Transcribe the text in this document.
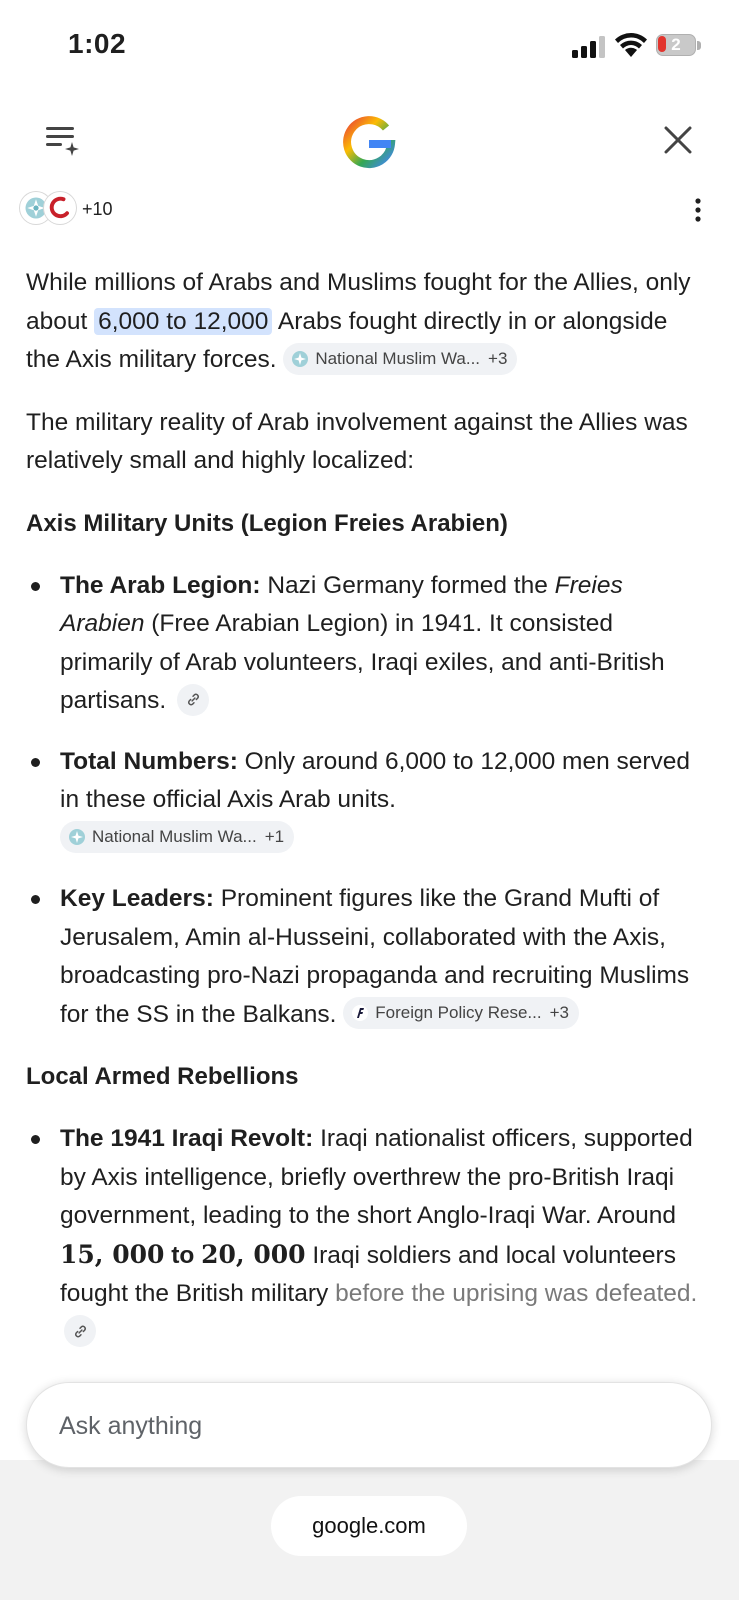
1:02	2
+10

While millions of Arabs and Muslims fought for the Allies, only about 6,000 to 12,000 Arabs fought directly in or alongside the Axis military forces. National Muslim Wa... +3

The military reality of Arab involvement against the Allies was relatively small and highly localized:

Axis Military Units (Legion Freies Arabien)
The Arab Legion: Nazi Germany formed the Freies Arabien (Free Arabian Legion) in 1941. It consisted primarily of Arab volunteers, Iraqi exiles, and anti-British partisans.
Total Numbers: Only around 6,000 to 12,000 men served in these official Axis Arab units.

National Muslim Wa... +1
Key Leaders: Prominent figures like the Grand Mufti of Jerusalem, Amin al-Husseini, collaborated with the Axis, broadcasting pro-Nazi propaganda and recruiting Muslims for the SS in the Balkans. Foreign Policy Rese... +3
Local Armed Rebellions
The 1941 Iraqi Revolt: Iraqi nationalist officers, supported by Axis intelligence, briefly overthrew the pro-British Iraqi government, leading to the short Anglo-Iraqi War. Around 15, 000 to 20, 000 Iraqi soldiers and local volunteers fought the British military before the uprising was defeated.
google.com
Ask anything
